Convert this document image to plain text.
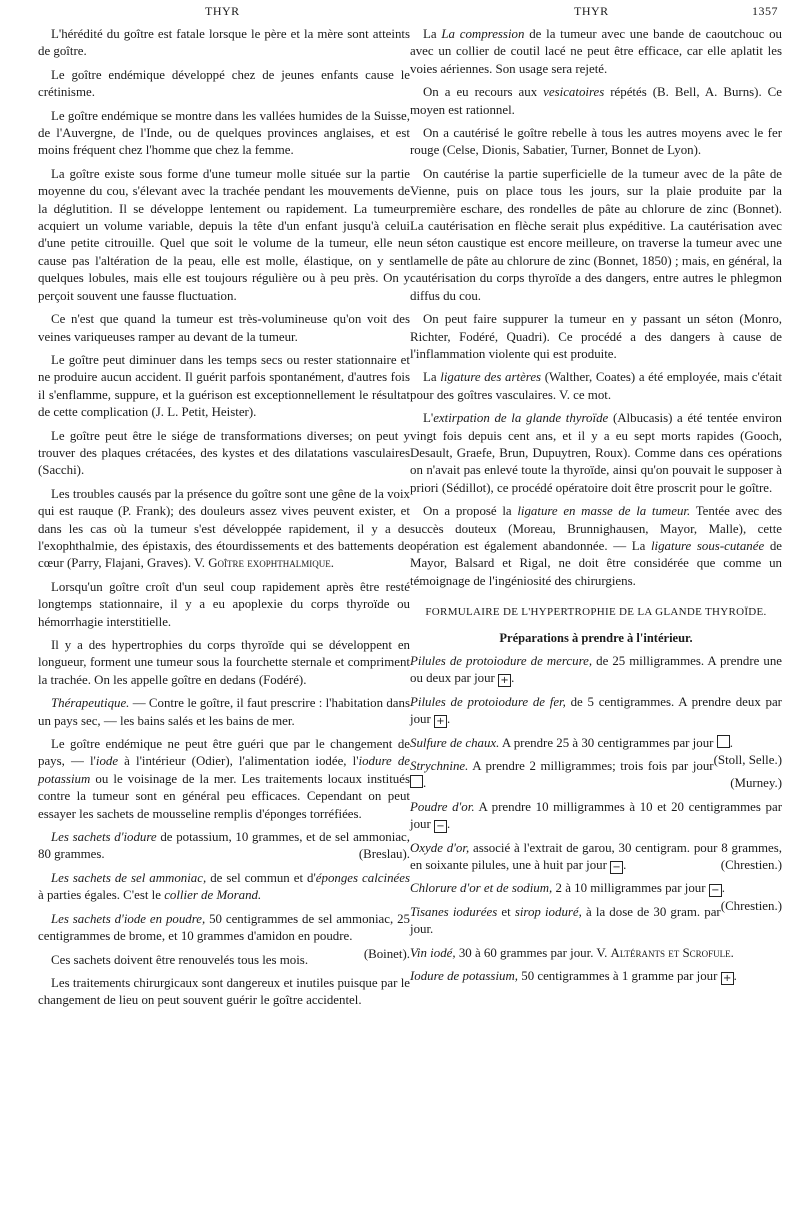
THYR	THYR	1357

L'hérédité du goître est fatale lorsque le père et la mère sont atteints de goître.

Le goître endémique développé chez de jeunes enfants cause le crétinisme.

Le goître endémique se montre dans les vallées humides de la Suisse, de l'Auvergne, de l'Inde, ou de quelques provinces anglaises, et est moins fréquent chez l'homme que chez la femme.

La goître existe sous forme d'une tumeur molle située sur la partie moyenne du cou, s'élevant avec la trachée pendant les mouvements de la déglutition. Il se développe lentement ou rapidement. La tumeur acquiert un volume variable, depuis la tête d'un enfant jusqu'à celui d'une petite citrouille. Quel que soit le volume de la tumeur, elle ne cause pas l'altération de la peau, elle est molle, élastique, on y sent quelques lobules, mais elle est toujours régulière ou à peu près. On y perçoit souvent une fausse fluctuation.

Ce n'est que quand la tumeur est très-volumineuse qu'on voit des veines variqueuses ramper au devant de la tumeur.

Le goître peut diminuer dans les temps secs ou rester stationnaire et ne produire aucun accident. Il guérit parfois spontanément, d'autres fois il s'enflamme, suppure, et la guérison est exceptionnellement le résultat de cette complication (J. L. Petit, Heister).

Le goître peut être le siége de transformations diverses; on peut y trouver des plaques crétacées, des kystes et des dilatations vasculaires (Sacchi).

Les troubles causés par la présence du goître sont une gêne de la voix qui est rauque (P. Frank); des douleurs assez vives peuvent exister, et dans les cas où la tumeur s'est développée rapidement, il y a de l'exophthalmie, des épistaxis, des étourdissements et des battements de cœur (Parry, Flajani, Graves). V. Goître exophthalmique.

Lorsqu'un goître croît d'un seul coup rapidement après être resté longtemps stationnaire, il y a eu apoplexie du corps thyroïde ou hémorrhagie interstitielle.

Il y a des hypertrophies du corps thyroïde qui se développent en longueur, forment une tumeur sous la fourchette sternale et compriment la trachée. On les appelle goître en dedans (Fodéré).

Thérapeutique. — Contre le goître, il faut prescrire : l'habitation dans un pays sec, — les bains salés et les bains de mer.

Le goître endémique ne peut être guéri que par le changement de pays, — l'iode à l'intérieur (Odier), l'alimentation iodée, l'iodure de potassium ou le voisinage de la mer. Les traitements locaux institués contre la tumeur sont en général peu efficaces. Cependant on peut essayer les sachets de mousseline remplis d'éponges torréfiées.

Les sachets d'iodure de potassium, 10 grammes, et de sel ammoniac, 80 grammes.	(Breslau).

Les sachets de sel ammoniac, de sel commun et d'éponges calcinées à parties égales. C'est le collier de Morand.

Les sachets d'iode en poudre, 50 centigrammes de sel ammoniac, 25 centigrammes de brome, et 10 grammes d'amidon en poudre.
(Boinet).

Ces sachets doivent être renouvelés tous les mois.

Les traitements chirurgicaux sont dangereux et inutiles puisque par le changement de lieu on peut souvent guérir le goître accidentel.

La La compression de la tumeur avec une bande de caoutchouc ou avec un collier de coutil lacé ne peut être efficace, car elle aplatit les voies aériennes. Son usage sera rejeté.

On a eu recours aux vesicatoires répétés (B. Bell, A. Burns). Ce moyen est rationnel.

On a cautérisé le goître rebelle à tous les autres moyens avec le fer rouge (Celse, Dionis, Sabatier, Turner, Bonnet de Lyon).

On cautérise la partie superficielle de la tumeur avec de la pâte de Vienne, puis on place tous les jours, sur la plaie produite par la première eschare, des rondelles de pâte au chlorure de zinc (Bonnet). La cautérisation en flèche serait plus expéditive. La cautérisation avec un séton caustique est encore meilleure, on traverse la tumeur avec une lamelle de pâte au chlorure de zinc (Bonnet, 1850) ; mais, en général, la cautérisation du corps thyroïde a des dangers, entre autres le phlegmon diffus du cou.

On peut faire suppurer la tumeur en y passant un séton (Monro, Richter, Fodéré, Quadri). Ce procédé a des dangers à cause de l'inflammation violente qui est produite.

La ligature des artères (Walther, Coates) a été employée, mais c'était pour des goîtres vasculaires. V. ce mot.

L'extirpation de la glande thyroïde (Albucasis) a été tentée environ vingt fois depuis cent ans, et il y a eu sept morts rapides (Gooch, Desault, Graefe, Brun, Dupuytren, Roux). Comme dans ces opérations on n'avait pas enlevé toute la thyroïde, ainsi qu'on pouvait le supposer à priori (Sédillot), ce procédé opératoire doit être proscrit pour le goître.

On a proposé la ligature en masse de la tumeur. Tentée avec des succès douteux (Moreau, Brunnighausen, Mayor, Malle), cette opération est également abandonnée. — La ligature sous-cutanée de Mayor, Balsard et Rigal, ne doit être considérée que comme un témoignage de l'ingéniosité des chirurgiens.

FORMULAIRE DE L'HYPERTROPHIE DE LA GLANDE THYROÏDE.
Préparations à prendre à l'intérieur.

Pilules de protoiodure de mercure, de 25 milligrammes. A prendre une ou deux par jour + .

Pilules de protoiodure de fer, de 5 centigrammes. A prendre deux par jour + .

Sulfure de chaux. A prendre 25 à 30 centigrammes par jour .
(Stoll, Selle.)

Strychnine. A prendre 2 milligrammes; trois fois par jour .	(Murney.)

Poudre d'or. A prendre 10 milligrammes à 10 et 20 centigrammes par jour − .

Oxyde d'or, associé à l'extrait de garou, 30 centigram. pour 8 grammes, en soixante pilules, une à huit par jour − .	(Chrestien.)

Chlorure d'or et de sodium, 2 à 10 milligrammes par jour − .
(Chrestien.)

Tisanes iodurées et sirop ioduré, à la dose de 30 gram. par jour.

Vin iodé, 30 à 60 grammes par jour. V. Altérants et Scrofule.

Iodure de potassium, 50 centigrammes à 1 gramme par jour + .
